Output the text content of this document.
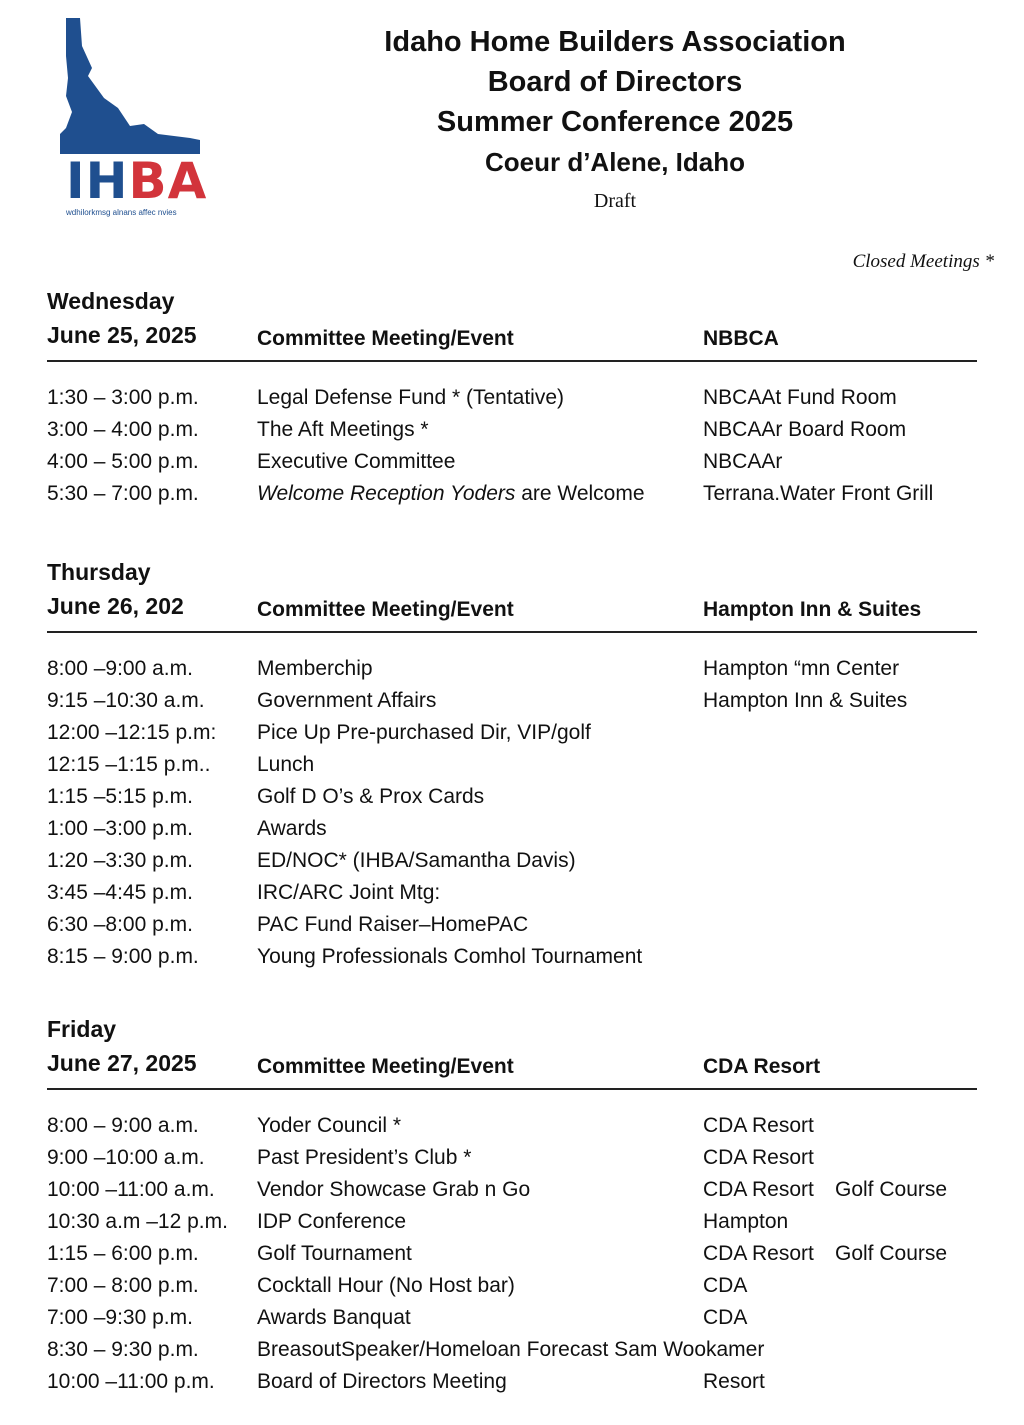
IHBA
wdhilorkmsg alnans affec nvies
Idaho Home Builders Association
Board of Directors
Summer Conference 2025
Coeur d’Alene, Idaho
Draft
Closed Meetings *
Wednesday
June 25, 2025	Committee Meeting/Event	NBBCA
1:30 – 3:00 p.m.	Legal Defense Fund * (Tentative)	NBCAAt Fund Room
3:00 – 4:00 p.m.	The Aft Meetings *	NBCAAr Board Room
4:00 – 5:00 p.m.	Executive Committee	NBCAAr
5:30 – 7:00 p.m.	Welcome Reception Yoders are Welcome	Terrana.Water Front Grill
Thursday
June 26, 202	Committee Meeting/Event	Hampton Inn & Suites
8:00 –9:00 a.m.	Memberchip	Hampton “mn Center
9:15 –10:30 a.m. Government Affairs	Hampton Inn & Suites
12:00 –12:15 p.m: Pice Up Pre-purchased Dir, VIP/golf
12:15 –1:15 p.m.. Lunch
1:15 –5:15 p.m.	Golf D O’s & Prox Cards
1:00 –3:00 p.m.	Awards
1:20 –3:30 p.m.	ED/NOC* (IHBA/Samantha Davis)
3:45 –4:45 p.m.	IRC/ARC Joint Mtg:
6:30 –8:00 p.m.	PAC Fund Raiser–HomePAC
8:15 – 9:00 p.m.	Young Professionals Comhol Tournament
Friday
June 27, 2025	Committee Meeting/Event	CDA Resort
8:00 – 9:00 a.m.	Yoder Council *	CDA Resort
9:00 –10:00 a.m. Past President’s Club *	CDA Resort
10:00 –11:00 a.m. Vendor Showcase Grab n Go	CDA Resort Golf Course
10:30 a.m –12 p.m. IDP Conference	Hampton
1:15 – 6:00 p.m.	Golf Tournament	CDA Resort Golf Course
7:00 – 8:00 p.m.	Cocktall Hour (No Host bar)	CDA
7:00 –9:30 p.m.	Awards Banquat	CDA
8:30 – 9:30 p.m.	BreasoutSpeaker/Homeloan Forecast Sam Wookamer
10:00 –11:00 p.m. Board of Directors Meeting	Resort
